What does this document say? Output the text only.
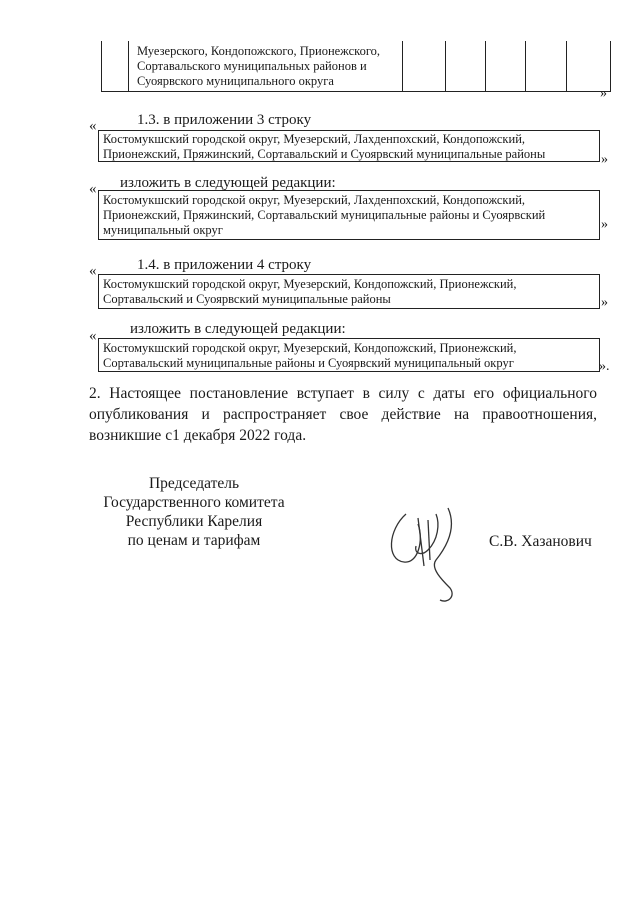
Муезерского, Кондопожского, Прионежского, Сортавальского муниципальных районов и Суоярвского муниципального округа
»
1.3. в приложении 3 строку
«
Костомукшский городской округ, Муезерский, Лахденпохский, Кондопожский, Прионежский, Пряжинский, Сортавальский и Суоярвский муниципальные районы	»
изложить в следующей редакции:
«
Костомукшский городской округ, Муезерский, Лахденпохский, Кондопожский, Прионежский, Пряжинский, Сортавальский муниципальные районы и Суоярвский муниципальный округ	»
1.4. в приложении 4 строку
«
Костомукшский городской округ, Муезерский, Кондопожский, Прионежский, Сортавальский и Суоярвский муниципальные районы	»
изложить в следующей редакции:
«
Костомукшский городской округ, Муезерский, Кондопожский, Прионежский, Сортавальский муниципальные районы и Суоярвский муниципальный округ	».
2. Настоящее постановление вступает в силу с даты его официального
опубликования и распространяет свое действие на правоотношения,
возникшие с1 декабря 2022 года.
Председатель
Государственного комитета
Республики Карелия
по ценам и тарифам	С.В. Хазанович
